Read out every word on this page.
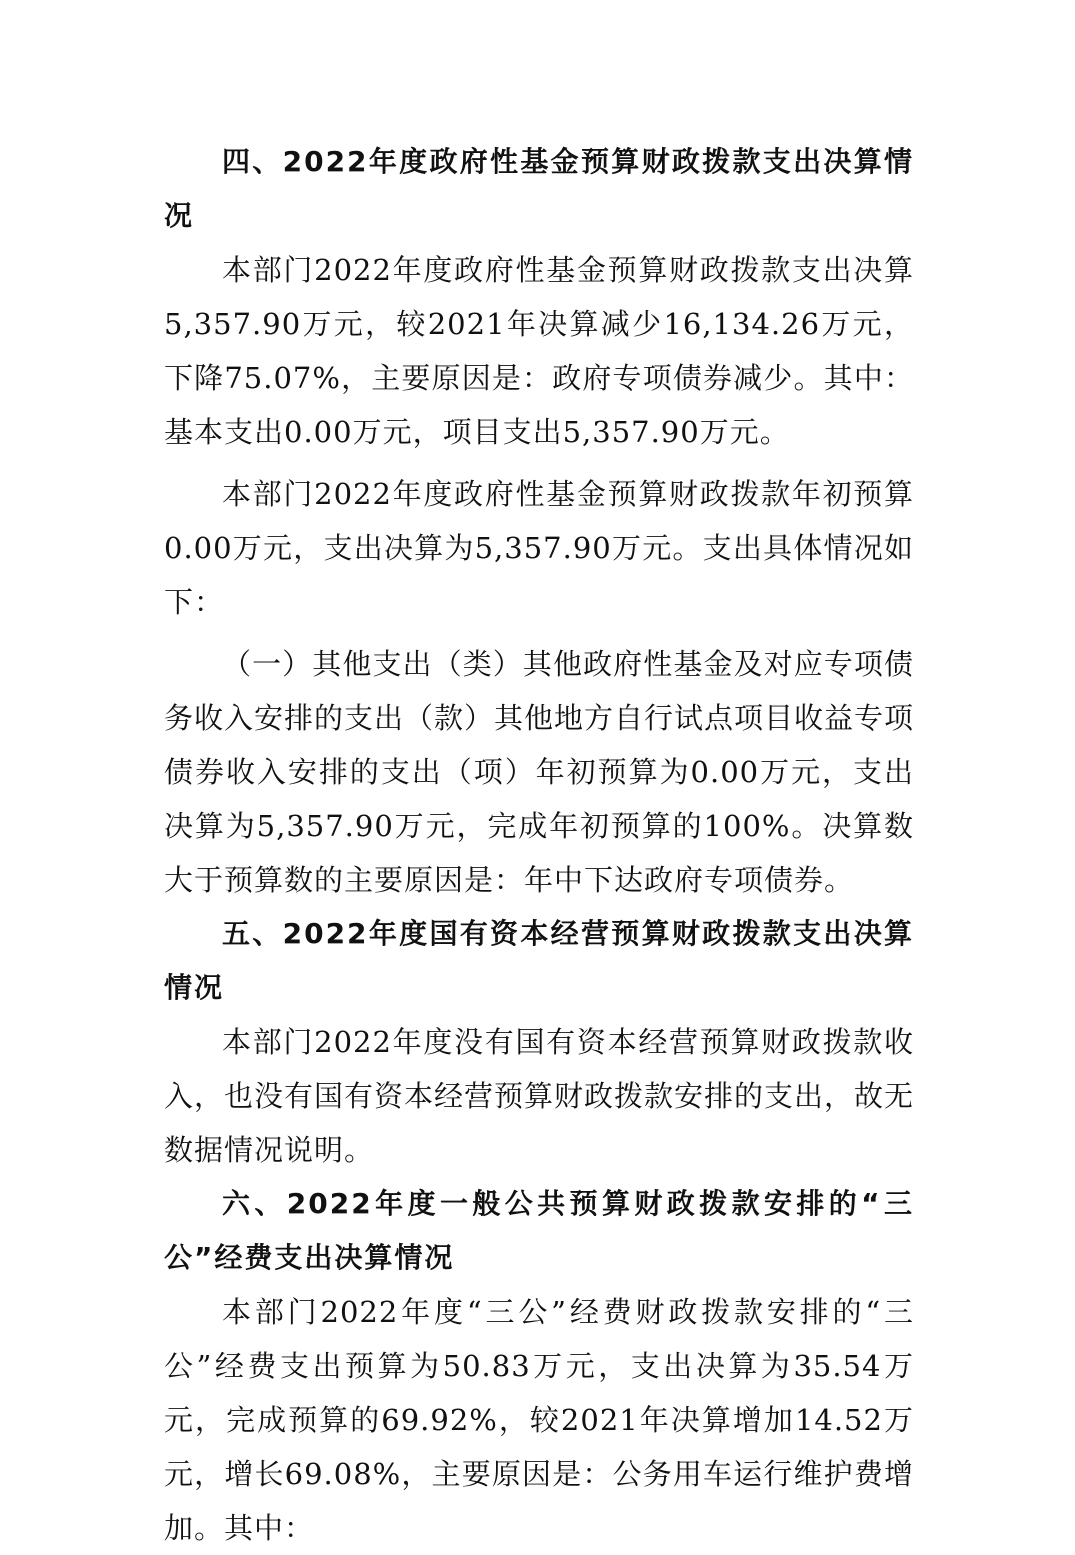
四、2022年度政府性基金预算财政拨款支出决算情况

本部门2022年度政府性基金预算财政拨款支出决算5,357.90万元，较2021年决算减少16,134.26万元，下降75.07%，主要原因是：政府专项债券减少。其中：基本支出0.00万元，项目支出5,357.90万元。

本部门2022年度政府性基金预算财政拨款年初预算0.00万元，支出决算为5,357.90万元。支出具体情况如下：

（一）其他支出（类）其他政府性基金及对应专项债务收入安排的支出（款）其他地方自行试点项目收益专项债券收入安排的支出（项）年初预算为0.00万元，支出决算为5,357.90万元，完成年初预算的100%。决算数大于预算数的主要原因是：年中下达政府专项债券。

五、2022年度国有资本经营预算财政拨款支出决算情况

本部门2022年度没有国有资本经营预算财政拨款收入，也没有国有资本经营预算财政拨款安排的支出，故无数据情况说明。

六、2022年度一般公共预算财政拨款安排的“三公”经费支出决算情况

本部门2022年度“三公”经费财政拨款安排的“三公”经费支出预算为50.83万元，支出决算为35.54万元，完成预算的69.92%，较2021年决算增加14.52万元，增长69.08%，主要原因是：公务用车运行维护费增加。其中：
